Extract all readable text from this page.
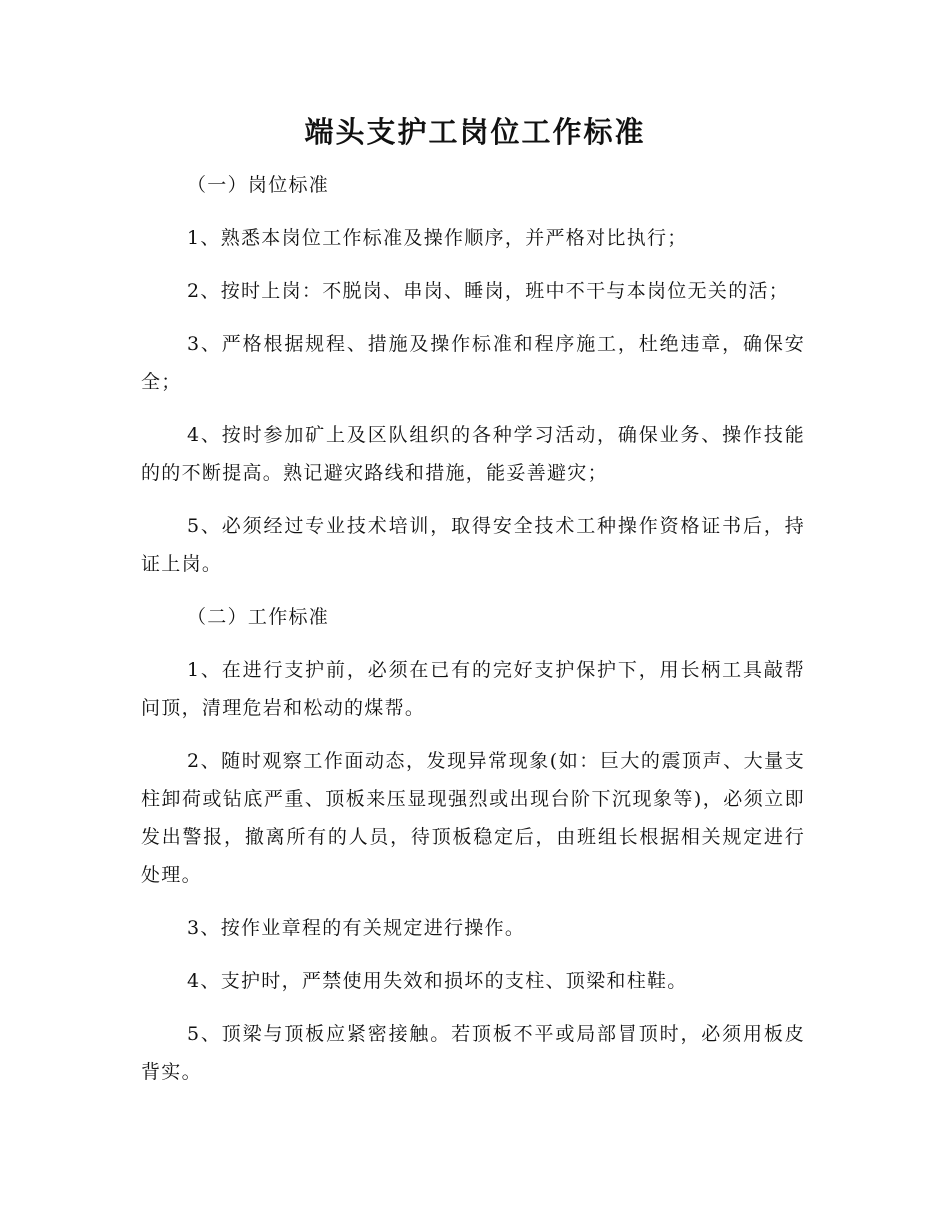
端头支护工岗位工作标准

（一）岗位标准

1、熟悉本岗位工作标准及操作顺序，并严格对比执行；

2、按时上岗：不脱岗、串岗、睡岗，班中不干与本岗位无关的活；

3、严格根据规程、措施及操作标准和程序施工，杜绝违章，确保安全；

4、按时参加矿上及区队组织的各种学习活动，确保业务、操作技能的的不断提高。熟记避灾路线和措施，能妥善避灾；

5、必须经过专业技术培训，取得安全技术工种操作资格证书后，持证上岗。

（二）工作标准

1、在进行支护前，必须在已有的完好支护保护下，用长柄工具敲帮问顶，清理危岩和松动的煤帮。

2、随时观察工作面动态，发现异常现象(如：巨大的震顶声、大量支柱卸荷或钻底严重、顶板来压显现强烈或出现台阶下沉现象等)，必须立即发出警报，撤离所有的人员，待顶板稳定后，由班组长根据相关规定进行处理。

3、按作业章程的有关规定进行操作。

4、支护时，严禁使用失效和损坏的支柱、顶梁和柱鞋。

5、顶梁与顶板应紧密接触。若顶板不平或局部冒顶时，必须用板皮背实。
